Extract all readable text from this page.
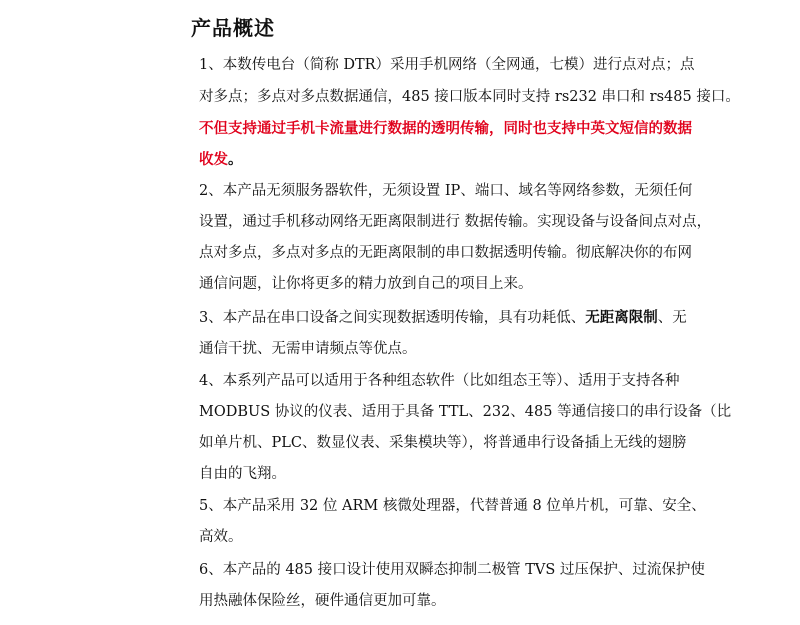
产品概述

1、本数传电台（简称 DTR）采用手机网络（全网通，七模）进行点对点；点

对多点；多点对多点数据通信，485 接口版本同时支持 rs232 串口和 rs485 接口。

不但支持通过手机卡流量进行数据的透明传输，同时也支持中英文短信的数据

收发。

2、本产品无须服务器软件，无须设置 IP、端口、域名等网络参数，无须任何

设置，通过手机移动网络无距离限制进行 数据传输。实现设备与设备间点对点，

点对多点，多点对多点的无距离限制的串口数据透明传输。彻底解决你的布网

通信问题，让你将更多的精力放到自己的项目上来。

3、本产品在串口设备之间实现数据透明传输，具有功耗低、无距离限制、无

通信干扰、无需申请频点等优点。

4、本系列产品可以适用于各种组态软件（比如组态王等）、适用于支持各种

MODBUS 协议的仪表、适用于具备 TTL、232、485 等通信接口的串行设备（比

如单片机、PLC、数显仪表、采集模块等），将普通串行设备插上无线的翅膀

自由的飞翔。

5、本产品采用 32 位 ARM 核微处理器，代替普通 8 位单片机，可靠、安全、

高效。

6、本产品的 485 接口设计使用双瞬态抑制二极管 TVS 过压保护、过流保护使

用热融体保险丝，硬件通信更加可靠。
